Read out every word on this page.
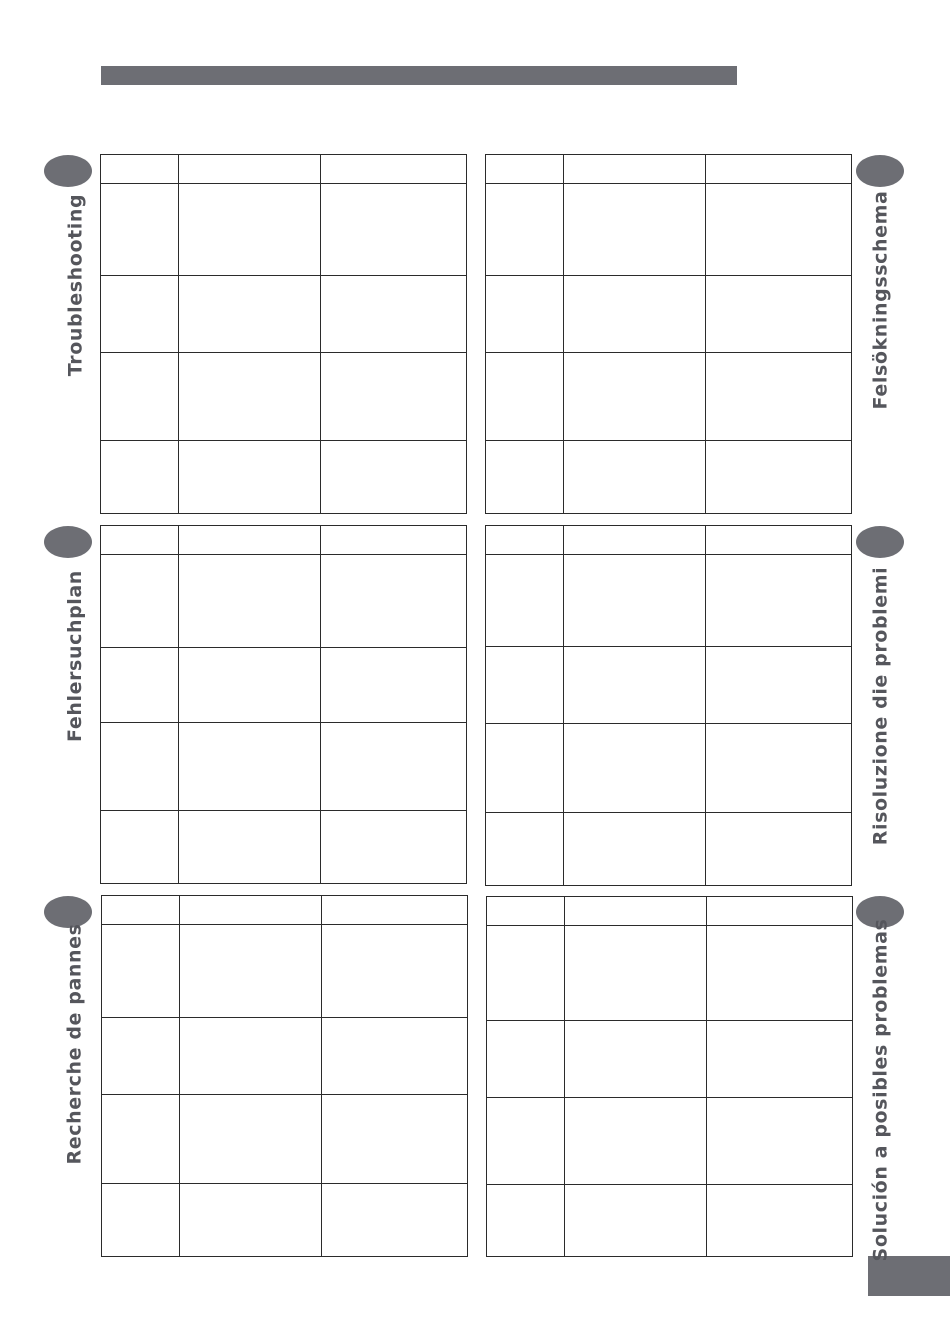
Troubleshooting	Felsökningsschema
Fehlersuchplan	Risoluzione die problemi
Recherche de pannes	Solución a posibles problemas
